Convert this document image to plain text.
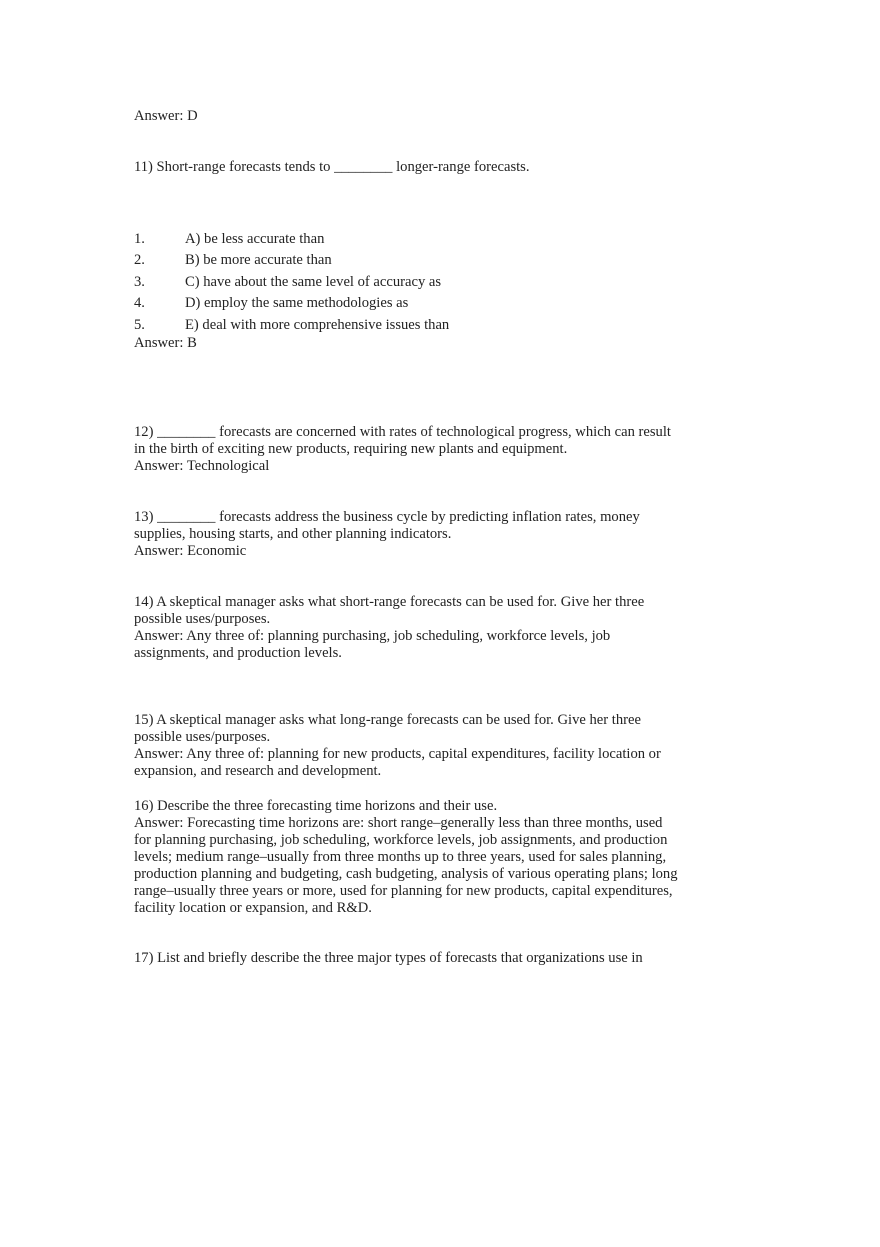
Answer: D
11) Short-range forecasts tends to ________ longer-range forecasts.
1.	A) be less accurate than
2.	B) be more accurate than
3.	C) have about the same level of accuracy as
4.	D) employ the same methodologies as
5.	E) deal with more comprehensive issues than
Answer: B
12) ________ forecasts are concerned with rates of technological progress, which can result
in the birth of exciting new products, requiring new plants and equipment.
Answer: Technological
13) ________ forecasts address the business cycle by predicting inflation rates, money
supplies, housing starts, and other planning indicators.
Answer: Economic
14) A skeptical manager asks what short-range forecasts can be used for. Give her three
possible uses/purposes.
Answer: Any three of: planning purchasing, job scheduling, workforce levels, job
assignments, and production levels.
15) A skeptical manager asks what long-range forecasts can be used for. Give her three
possible uses/purposes.
Answer: Any three of: planning for new products, capital expenditures, facility location or
expansion, and research and development.
16) Describe the three forecasting time horizons and their use.
Answer: Forecasting time horizons are: short range–generally less than three months, used
for planning purchasing, job scheduling, workforce levels, job assignments, and production
levels; medium range–usually from three months up to three years, used for sales planning,
production planning and budgeting, cash budgeting, analysis of various operating plans; long
range–usually three years or more, used for planning for new products, capital expenditures,
facility location or expansion, and R&D.
17) List and briefly describe the three major types of forecasts that organizations use in
